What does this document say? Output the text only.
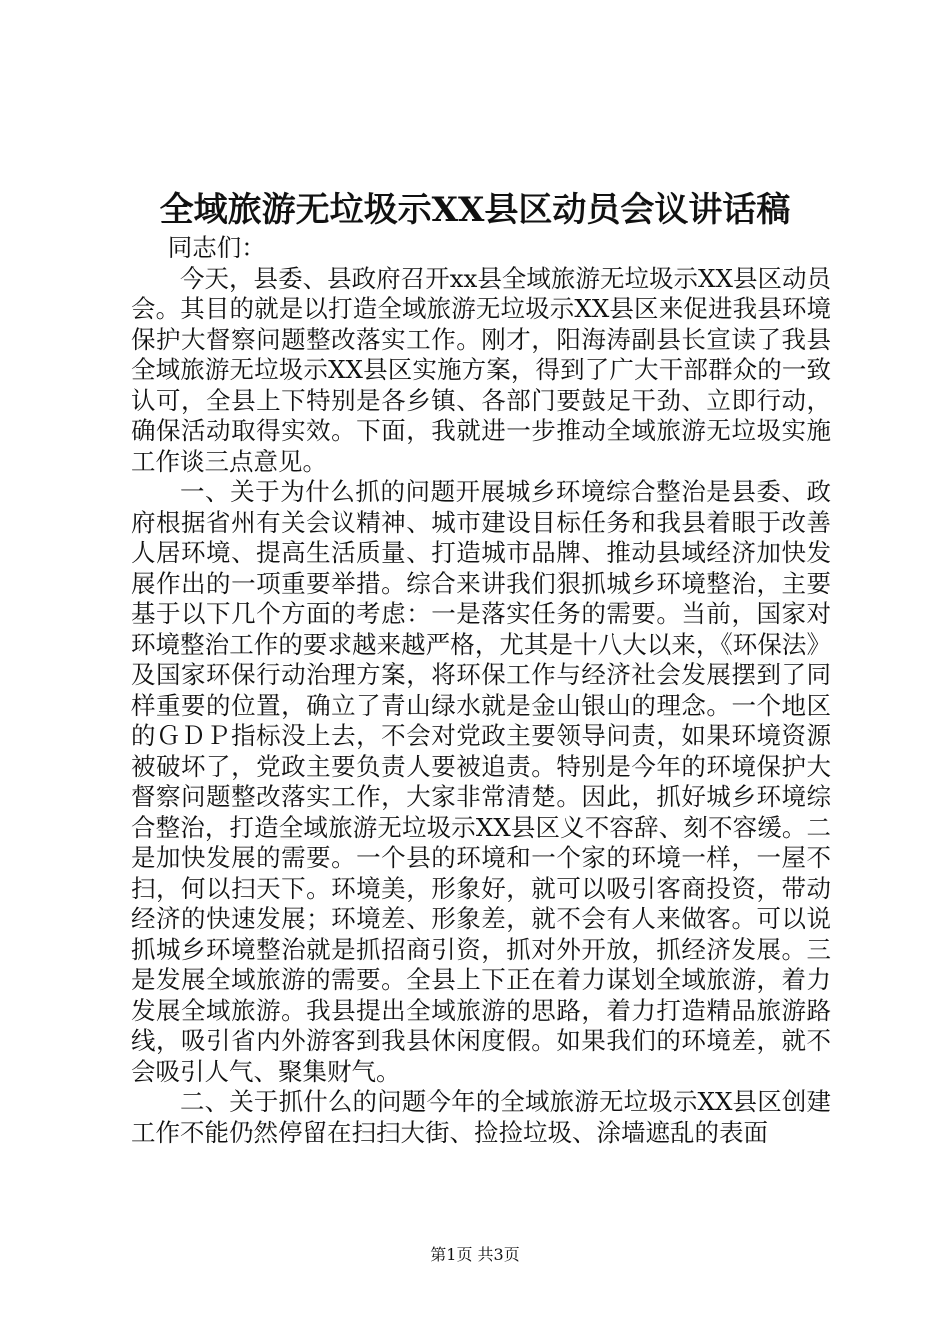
全域旅游无垃圾示XX县区动员会议讲话稿

同志们：

今天，县委、县政府召开xx县全域旅游无垃圾示XX县区动员会。其目的就是以打造全域旅游无垃圾示XX县区来促进我县环境保护大督察问题整改落实工作。刚才，阳海涛副县长宣读了我县全域旅游无垃圾示XX县区实施方案，得到了广大干部群众的一致认可，全县上下特别是各乡镇、各部门要鼓足干劲、立即行动，确保活动取得实效。下面，我就进一步推动全域旅游无垃圾实施工作谈三点意见。

一、关于为什么抓的问题开展城乡环境综合整治是县委、政府根据省州有关会议精神、城市建设目标任务和我县着眼于改善人居环境、提高生活质量、打造城市品牌、推动县域经济加快发展作出的一项重要举措。综合来讲我们狠抓城乡环境整治，主要基于以下几个方面的考虑：一是落实任务的需要。当前，国家对环境整治工作的要求越来越严格，尤其是十八大以来，《环保法》及国家环保行动治理方案，将环保工作与经济社会发展摆到了同样重要的位置，确立了青山绿水就是金山银山的理念。一个地区的ＧＤＰ指标没上去，不会对党政主要领导问责，如果环境资源被破坏了，党政主要负责人要被追责。特别是今年的环境保护大督察问题整改落实工作，大家非常清楚。因此，抓好城乡环境综合整治，打造全域旅游无垃圾示XX县区义不容辞、刻不容缓。二是加快发展的需要。一个县的环境和一个家的环境一样，一屋不扫，何以扫天下。环境美，形象好，就可以吸引客商投资，带动经济的快速发展；环境差、形象差，就不会有人来做客。可以说抓城乡环境整治就是抓招商引资，抓对外开放，抓经济发展。三是发展全域旅游的需要。全县上下正在着力谋划全域旅游，着力发展全域旅游。我县提出全域旅游的思路，着力打造精品旅游路线，吸引省内外游客到我县休闲度假。如果我们的环境差，就不会吸引人气、聚集财气。

二、关于抓什么的问题今年的全域旅游无垃圾示XX县区创建工作不能仍然停留在扫扫大街、捡捡垃圾、涂墙遮乱的表面

第1页 共3页
